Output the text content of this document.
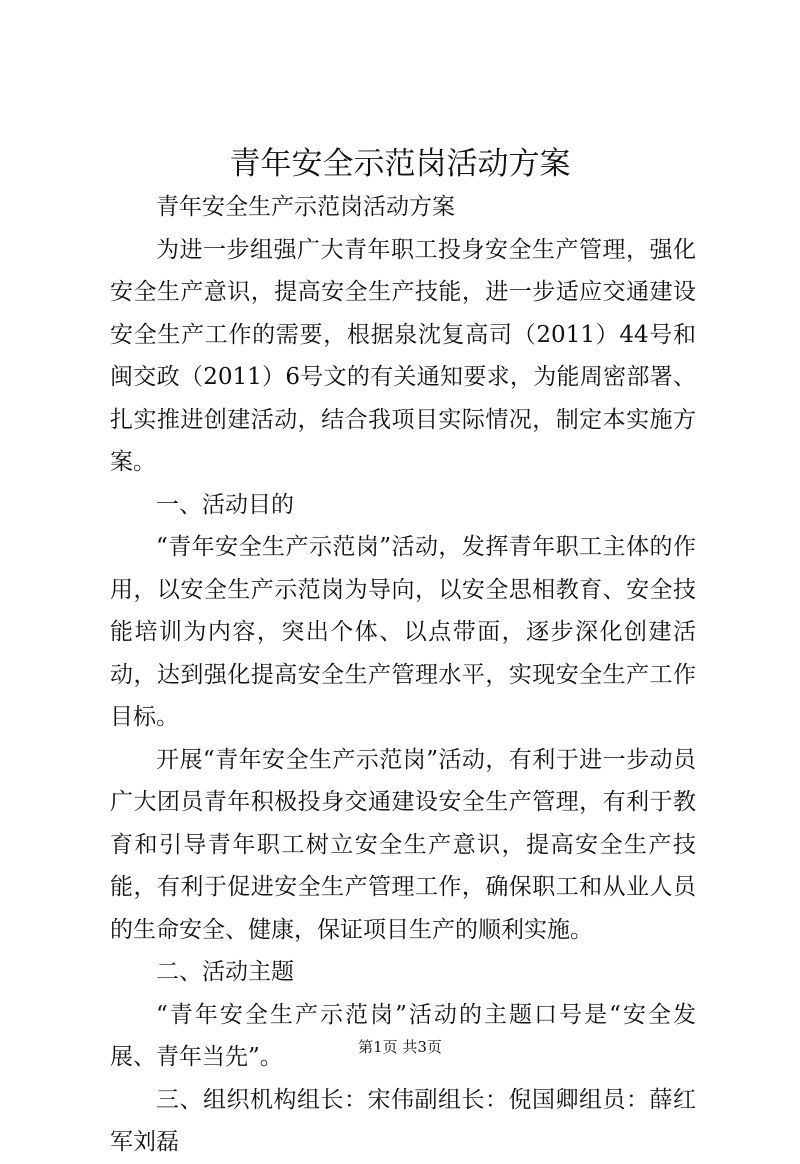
青年安全示范岗活动方案

青年安全生产示范岗活动方案

为进一步组强广大青年职工投身安全生产管理，强化安全生产意识，提高安全生产技能，进一步适应交通建设安全生产工作的需要，根据泉沈复高司（2011）44号和闽交政（2011）6号文的有关通知要求，为能周密部署、扎实推进创建活动，结合我项目实际情况，制定本实施方案。

一、活动目的

“青年安全生产示范岗”活动，发挥青年职工主体的作用，以安全生产示范岗为导向，以安全思相教育、安全技能培训为内容，突出个体、以点带面，逐步深化创建活动，达到强化提高安全生产管理水平，实现安全生产工作目标。

开展“青年安全生产示范岗”活动，有利于进一步动员广大团员青年积极投身交通建设安全生产管理，有利于教育和引导青年职工树立安全生产意识，提高安全生产技能，有利于促进安全生产管理工作，确保职工和从业人员的生命安全、健康，保证项目生产的顺利实施。

二、活动主题

“青年安全生产示范岗”活动的主题口号是“安全发展、青年当先”。

三、组织机构组长：宋伟副组长：倪国卿组员：薛红军刘磊

第1页 共3页
